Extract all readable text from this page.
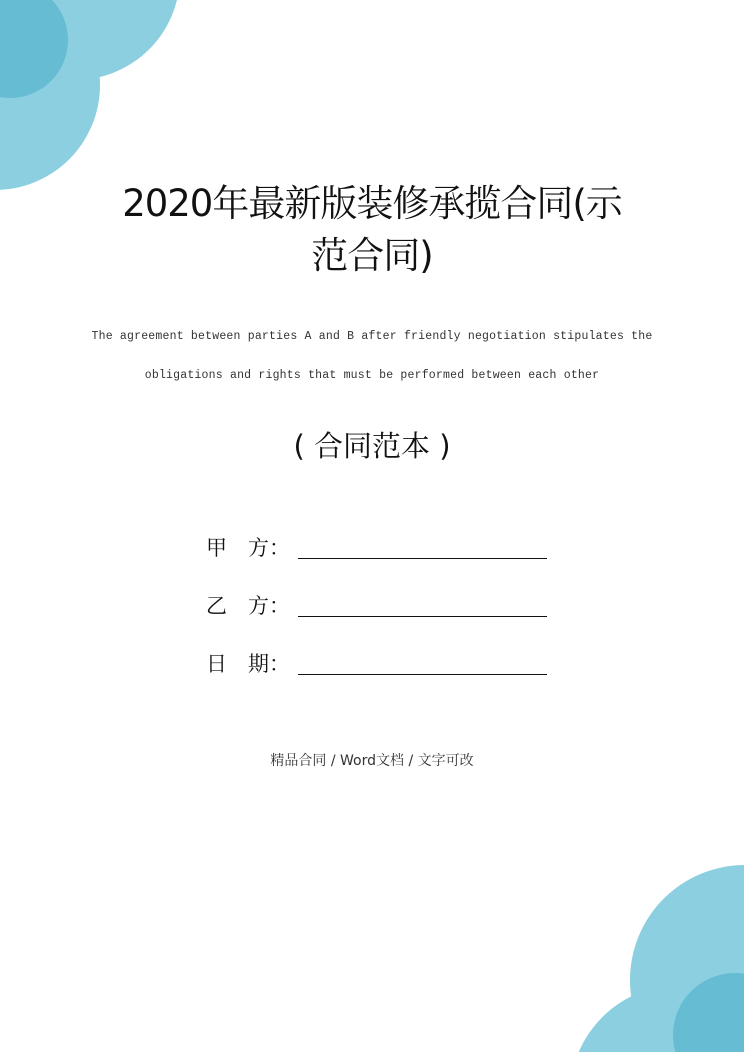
2020年最新版装修承揽合同(示
范合同)
The agreement between parties A and B after friendly negotiation stipulates the
obligations and rights that must be performed between each other
( 合同范本 )
甲　方：
乙　方：
日　期：
精品合同 / Word文档 / 文字可改
